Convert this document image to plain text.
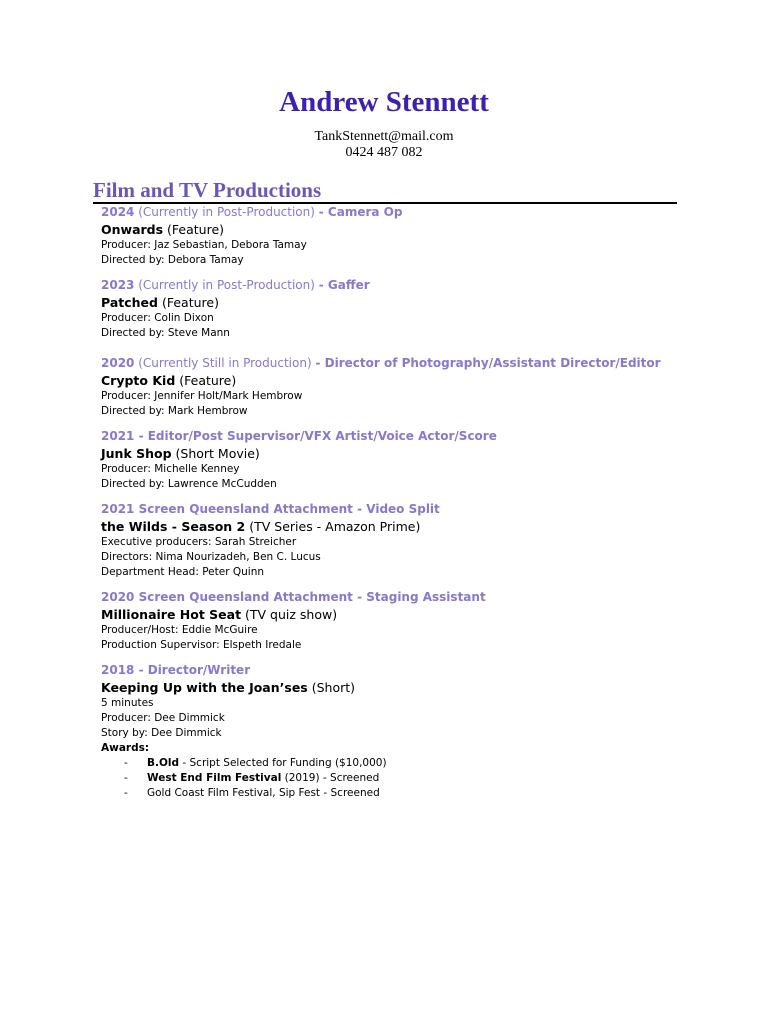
Andrew Stennett
TankStennett@mail.com
0424 487 082
Film and TV Productions
2024 (Currently in Post-Production) - Camera Op
Onwards (Feature)
Producer: Jaz Sebastian, Debora Tamay
Directed by: Debora Tamay
2023 (Currently in Post-Production) - Gaffer
Patched (Feature)
Producer: Colin Dixon
Directed by: Steve Mann
2020 (Currently Still in Production) - Director of Photography/Assistant Director/Editor
Crypto Kid (Feature)
Producer: Jennifer Holt/Mark Hembrow
Directed by: Mark Hembrow
2021 - Editor/Post Supervisor/VFX Artist/Voice Actor/Score
Junk Shop (Short Movie)
Producer: Michelle Kenney
Directed by: Lawrence McCudden
2021 Screen Queensland Attachment - Video Split
the Wilds - Season 2 (TV Series - Amazon Prime)
Executive producers: Sarah Streicher
Directors: Nima Nourizadeh, Ben C. Lucus
Department Head: Peter Quinn
2020 Screen Queensland Attachment - Staging Assistant
Millionaire Hot Seat (TV quiz show)
Producer/Host: Eddie McGuire
Production Supervisor: Elspeth Iredale
2018 - Director/Writer
Keeping Up with the Joan’ses (Short)
5 minutes
Producer: Dee Dimmick
Story by: Dee Dimmick
Awards:
- B.Old - Script Selected for Funding ($10,000)
- West End Film Festival (2019) - Screened
- Gold Coast Film Festival, Sip Fest - Screened
